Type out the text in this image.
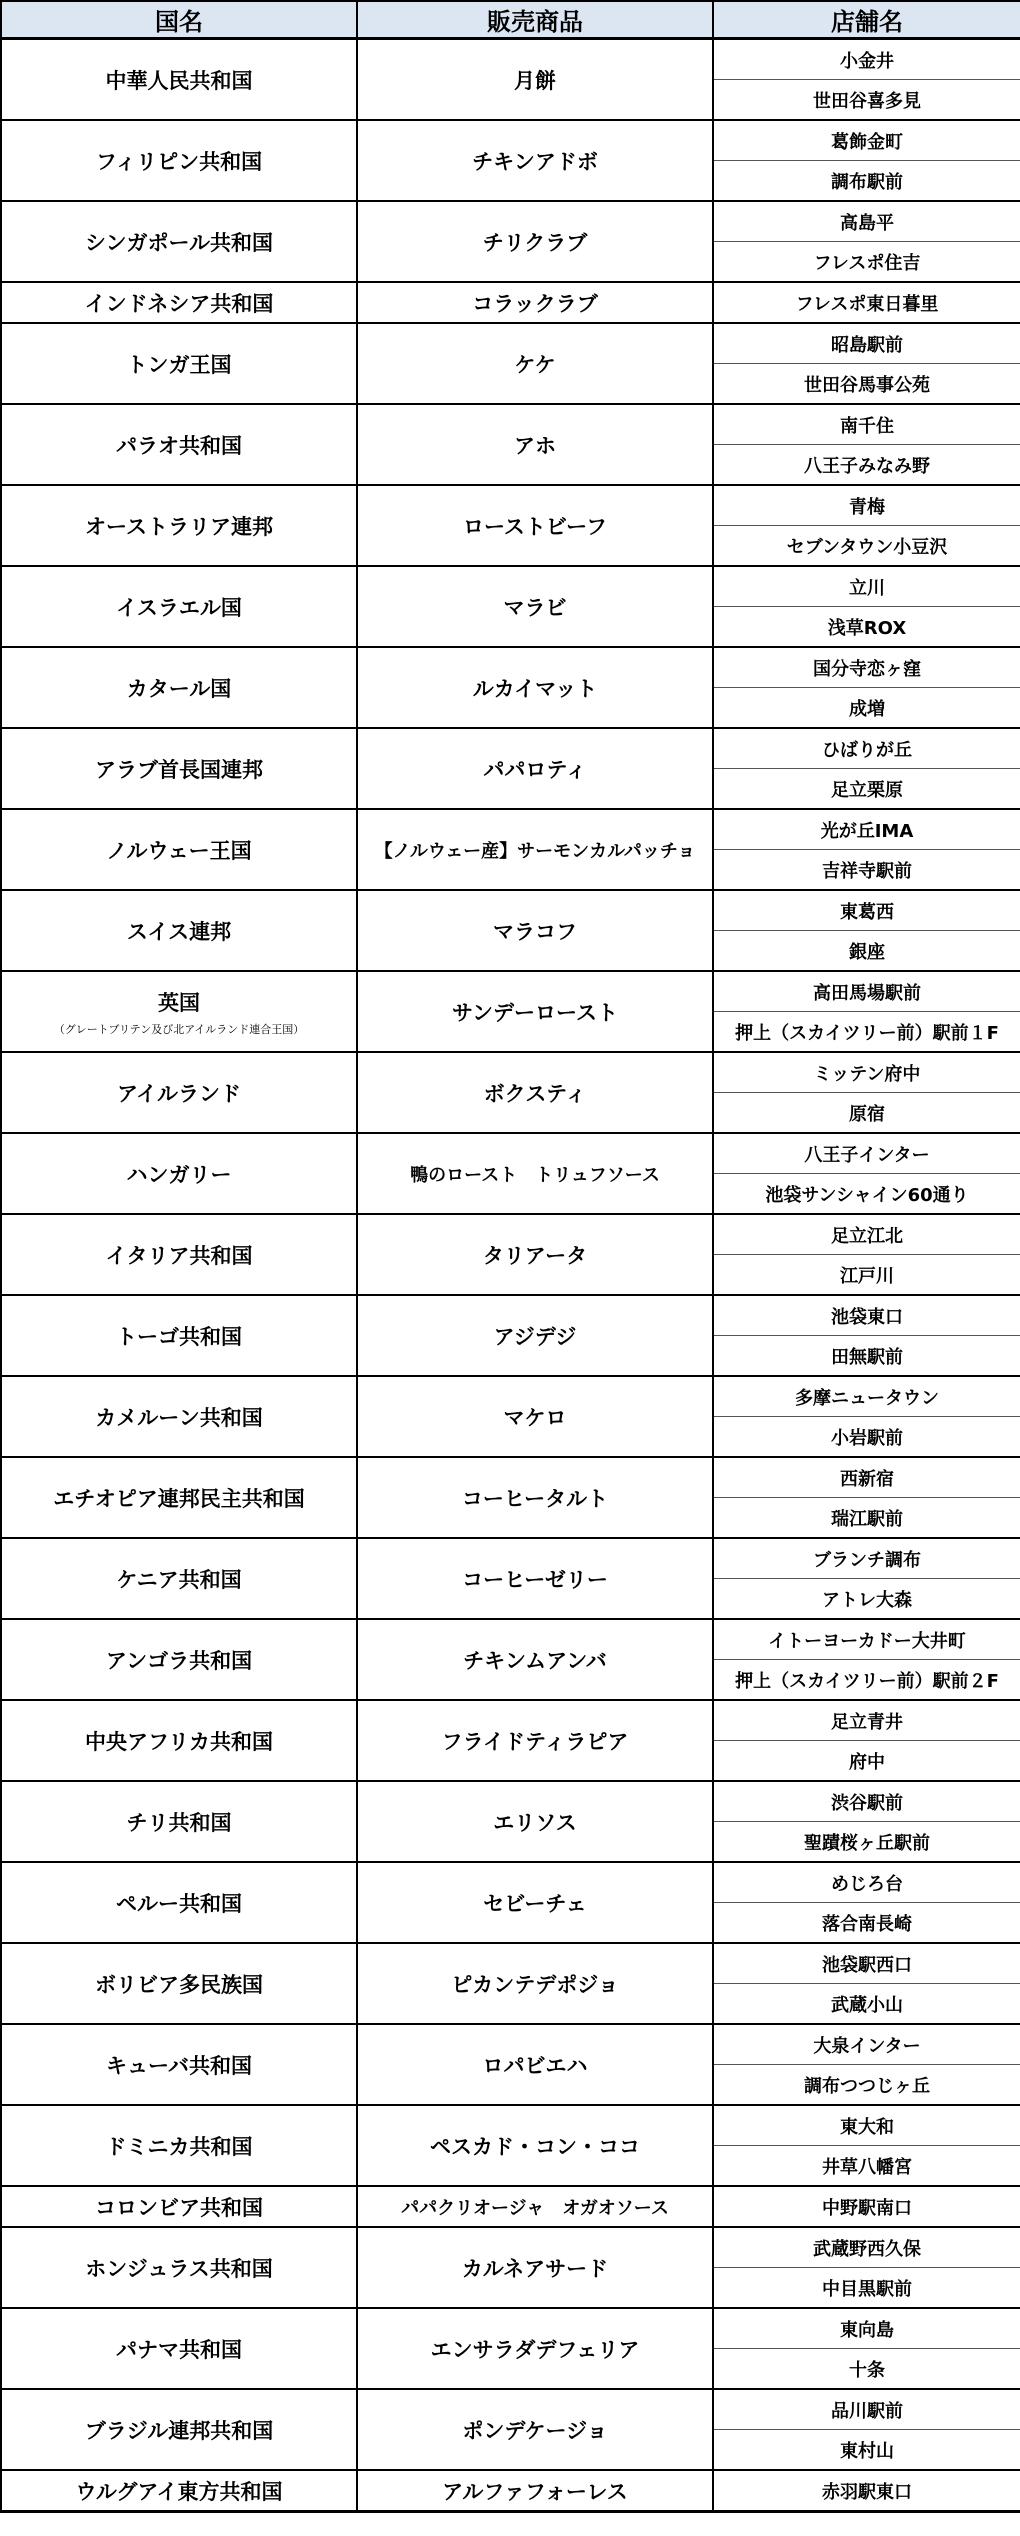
国名	販売商品	店舗名
中華人民共和国	月餅	小金井
		世田谷喜多見
フィリピン共和国	チキンアドボ	葛飾金町
		調布駅前
シンガポール共和国	チリクラブ	高島平
		フレスポ住吉
インドネシア共和国	コラックラブ	フレスポ東日暮里
トンガ王国	ケケ	昭島駅前
		世田谷馬事公苑
パラオ共和国	アホ	南千住
		八王子みなみ野
オーストラリア連邦	ローストビーフ	青梅
		セブンタウン小豆沢
イスラエル国	マラビ	立川
		浅草ROX
カタール国	ルカイマット	国分寺恋ヶ窪
		成増
アラブ首長国連邦	パパロティ	ひばりが丘
		足立栗原
ノルウェー王国	【ノルウェー産】サーモンカルパッチョ	光が丘IMA
		吉祥寺駅前
スイス連邦	マラコフ	東葛西
		銀座
英国
（グレートブリテン及び北アイルランド連合王国）	サンデーロースト	高田馬場駅前
		押上（スカイツリー前）駅前１F
アイルランド	ボクスティ	ミッテン府中
		原宿
ハンガリー	鴨のロースト　トリュフソース	八王子インター
		池袋サンシャイン60通り
イタリア共和国	タリアータ	足立江北
		江戸川
トーゴ共和国	アジデジ	池袋東口
		田無駅前
カメルーン共和国	マケロ	多摩ニュータウン
		小岩駅前
エチオピア連邦民主共和国	コーヒータルト	西新宿
		瑞江駅前
ケニア共和国	コーヒーゼリー	ブランチ調布
		アトレ大森
アンゴラ共和国	チキンムアンバ	イトーヨーカドー大井町
		押上（スカイツリー前）駅前２F
中央アフリカ共和国	フライドティラピア	足立青井
		府中
チリ共和国	エリソス	渋谷駅前
		聖蹟桜ヶ丘駅前
ペルー共和国	セビーチェ	めじろ台
		落合南長崎
ボリビア多民族国	ピカンテデポジョ	池袋駅西口
		武蔵小山
キューバ共和国	ロパビエハ	大泉インター
		調布つつじヶ丘
ドミニカ共和国	ペスカド・コン・ココ	東大和
		井草八幡宮
コロンビア共和国	パパクリオージャ　オガオソース	中野駅南口
ホンジュラス共和国	カルネアサード	武蔵野西久保
		中目黒駅前
パナマ共和国	エンサラダデフェリア	東向島
		十条
ブラジル連邦共和国	ポンデケージョ	品川駅前
		東村山
ウルグアイ東方共和国	アルファフォーレス	赤羽駅東口
